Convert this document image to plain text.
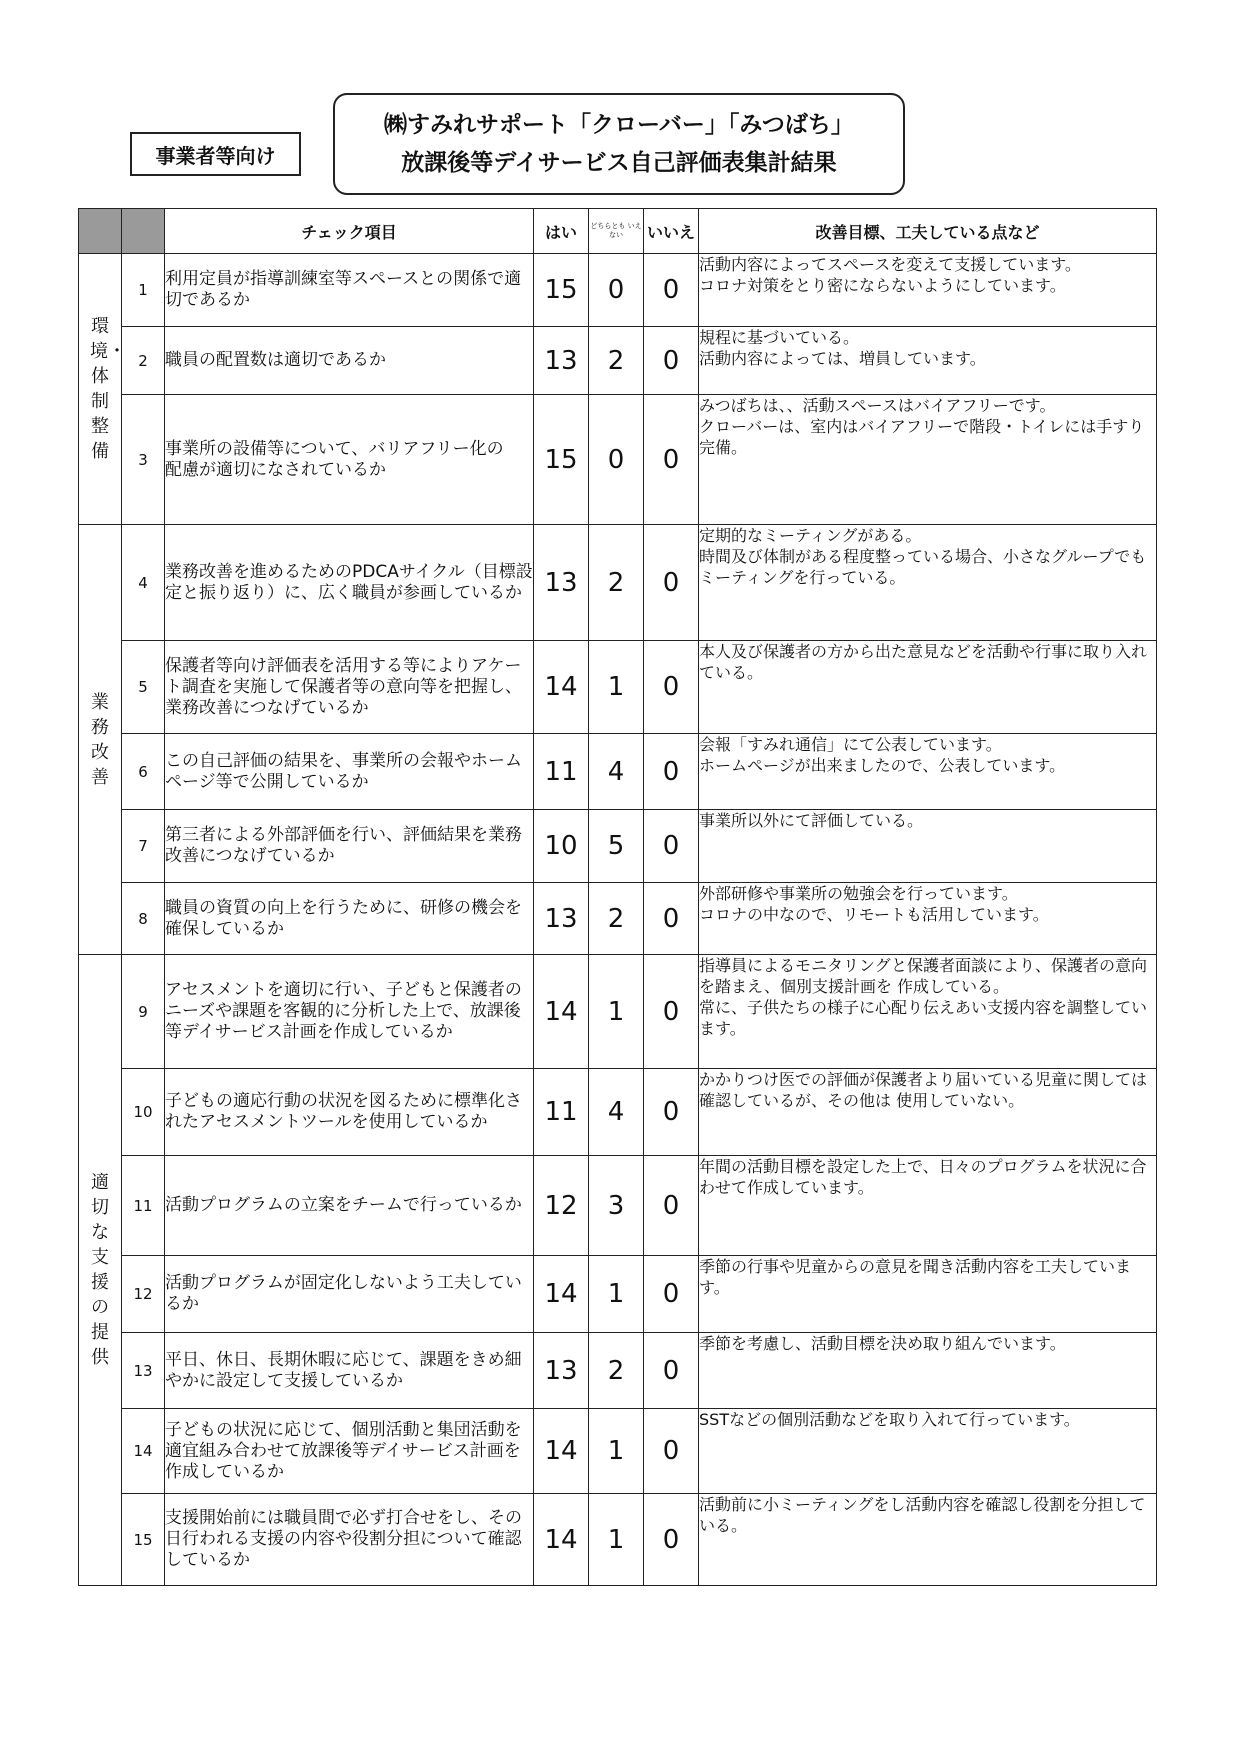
事業者等向け
㈱すみれサポート「クローバー」「みつばち」
放課後等デイサービス自己評価表集計結果
		チェック項目	はい	どちらとも いえない	いいえ	改善目標、工夫している点など
環境・体制整備	1	利用定員が指導訓練室等スペースとの関係で適切であるか	15	0	0	活動内容によってスペースを変えて支援しています。
コロナ対策をとり密にならないようにしています。
	2	職員の配置数は適切であるか	13	2	0	規程に基づいている。
活動内容によっては、増員しています。
	3	事業所の設備等について、バリアフリー化の
配慮が適切になされているか	15	0	0	みつばちは、、活動スペースはバイアフリーです。
クローバーは、室内はバイアフリーで階段・トイレには手すり完備。
業務改善	4	業務改善を進めるためのPDCAサイクル（目標設定と振り返り）に、広く職員が参画しているか	13	2	0	定期的なミーティングがある。
時間及び体制がある程度整っている場合、小さなグループでもミーティングを行っている。
	5	保護者等向け評価表を活用する等によりアケート調査を実施して保護者等の意向等を把握し、業務改善につなげているか	14	1	0	本人及び保護者の方から出た意見などを活動や行事に取り入れている。
	6	この自己評価の結果を、事業所の会報やホームページ等で公開しているか	11	4	0	会報「すみれ通信」にて公表しています。
ホームページが出来ましたので、公表しています。
	7	第三者による外部評価を行い、評価結果を業務改善につなげているか	10	5	0	事業所以外にて評価している。
	8	職員の資質の向上を行うために、研修の機会を確保しているか	13	2	0	外部研修や事業所の勉強会を行っています。
コロナの中なので、リモートも活用しています。
適切な支援の提供	9	アセスメントを適切に行い、子どもと保護者のニーズや課題を客観的に分析した上で、放課後等デイサービス計画を作成しているか	14	1	0	指導員によるモニタリングと保護者面談により、保護者の意向を踏まえ、個別支援計画を 作成している。
常に、子供たちの様子に心配り伝えあい支援内容を調整しています。
	10	子どもの適応行動の状況を図るために標準化されたアセスメントツールを使用しているか	11	4	0	かかりつけ医での評価が保護者より届いている児童に関しては確認しているが、その他は 使用していない。
	11	活動プログラムの立案をチームで行っているか	12	3	0	年間の活動目標を設定した上で、日々のプログラムを状況に合わせて作成しています。
	12	活動プログラムが固定化しないよう工夫しているか	14	1	0	季節の行事や児童からの意見を聞き活動内容を工夫しています。
	13	平日、休日、長期休暇に応じて、課題をきめ細やかに設定して支援しているか	13	2	0	季節を考慮し、活動目標を決め取り組んでいます。
	14	子どもの状況に応じて、個別活動と集団活動を適宜組み合わせて放課後等デイサービス計画を作成しているか	14	1	0	SSTなどの個別活動などを取り入れて行っています。
	15	支援開始前には職員間で必ず打合せをし、その日行われる支援の内容や役割分担について確認しているか	14	1	0	活動前に小ミーティングをし活動内容を確認し役割を分担している。
